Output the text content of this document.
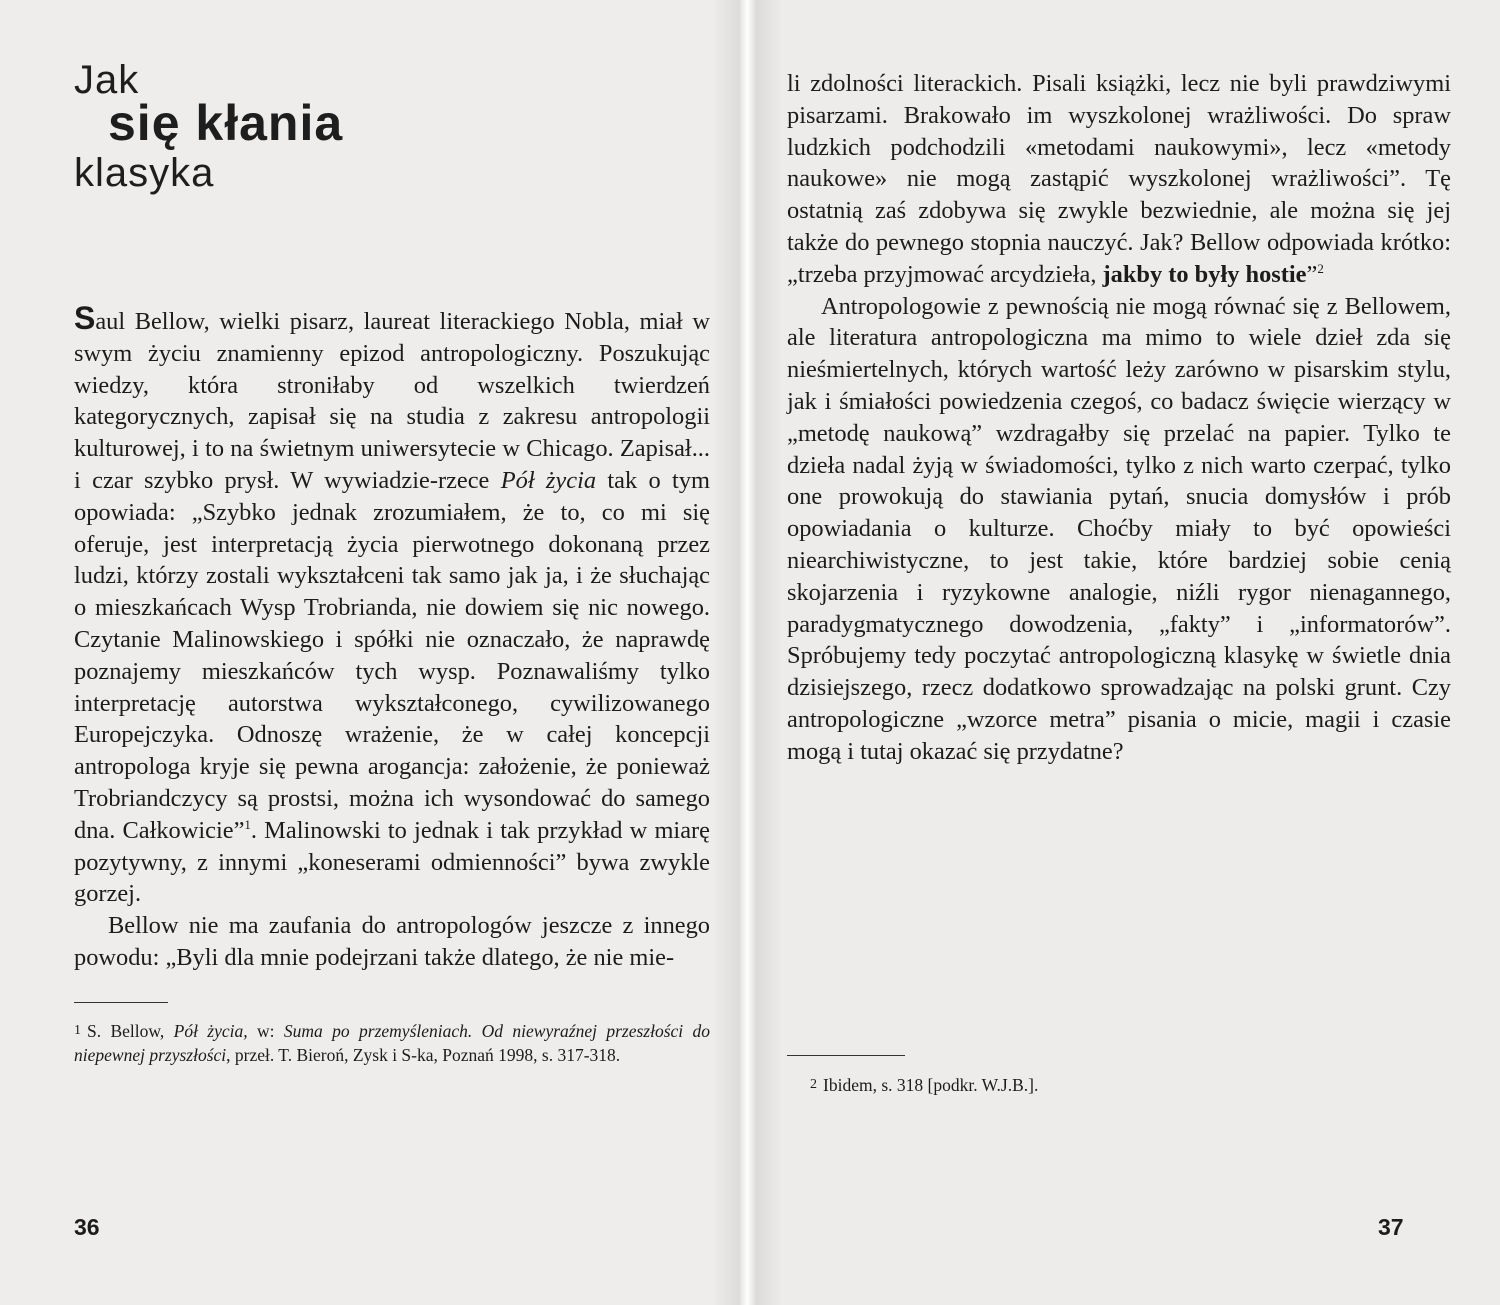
Jak
się kłania
klasyka

Saul Bellow, wielki pisarz, laureat literackiego Nobla, miał w swym życiu znamienny epizod antropologiczny. Poszukując wiedzy, która stroniłaby od wszelkich twierdzeń kategorycznych, zapisał się na studia z zakresu antropologii kulturowej, i to na świetnym uniwersytecie w Chicago. Zapisał... i czar szybko prysł. W wywiadzie-rzece Pół życia tak o tym opowiada: „Szybko jednak zrozumiałem, że to, co mi się oferuje, jest interpretacją życia pierwotnego dokonaną przez ludzi, którzy zostali wykształceni tak samo jak ja, i że słuchając o mieszkańcach Wysp Trobrianda, nie dowiem się nic nowego. Czytanie Malinowskiego i spółki nie oznaczało, że naprawdę poznajemy mieszkańców tych wysp. Poznawaliśmy tylko interpretację autorstwa wykształconego, cywilizowanego Europejczyka. Odnoszę wrażenie, że w całej koncepcji antropologa kryje się pewna arogancja: założenie, że ponieważ Trobriandczycy są prostsi, można ich wysondować do samego dna. Całkowicie”$^1$. Malinowski to jednak i tak przykład w miarę pozytywny, z innymi „koneserami odmienności” bywa zwykle gorzej.

Bellow nie ma zaufania do antropologów jeszcze z innego powodu: „Byli dla mnie podejrzani także dlatego, że nie mie-

1 S. Bellow, Pół życia, w: Suma po przemyśleniach. Od niewyraźnej przeszłości do niepewnej przyszłości, przeł. T. Bieroń, Zysk i S-ka, Poznań 1998, s. 317-318.
36

li zdolności literackich. Pisali książki, lecz nie byli prawdziwymi pisarzami. Brakowało im wyszkolonej wrażliwości. Do spraw ludzkich podchodzili «metodami naukowymi», lecz «metody naukowe» nie mogą zastąpić wyszkolonej wrażliwości”. Tę ostatnią zaś zdobywa się zwykle bezwiednie, ale można się jej także do pewnego stopnia nauczyć. Jak? Bellow odpowiada krótko: „trzeba przyjmować arcydzieła, jakby to były hostie”$^2$

Antropologowie z pewnością nie mogą równać się z Bellowem, ale literatura antropologiczna ma mimo to wiele dzieł zda się nieśmiertelnych, których wartość leży zarówno w pisarskim stylu, jak i śmiałości powiedzenia czegoś, co badacz święcie wierzący w „metodę naukową” wzdragałby się przelać na papier. Tylko te dzieła nadal żyją w świadomości, tylko z nich warto czerpać, tylko one prowokują do stawiania pytań, snucia domysłów i prób opowiadania o kulturze. Choćby miały to być opowieści niearchiwistyczne, to jest takie, które bardziej sobie cenią skojarzenia i ryzykowne analogie, niźli rygor nienagannego, paradygmatycznego dowodzenia, „fakty” i „informatorów”. Spróbujemy tedy poczytać antropologiczną klasykę w świetle dnia dzisiejszego, rzecz dodatkowo sprowadzając na polski grunt. Czy antropologiczne „wzorce metra” pisania o micie, magii i czasie mogą i tutaj okazać się przydatne?

2 Ibidem, s. 318 [podkr. W.J.B.].
37
